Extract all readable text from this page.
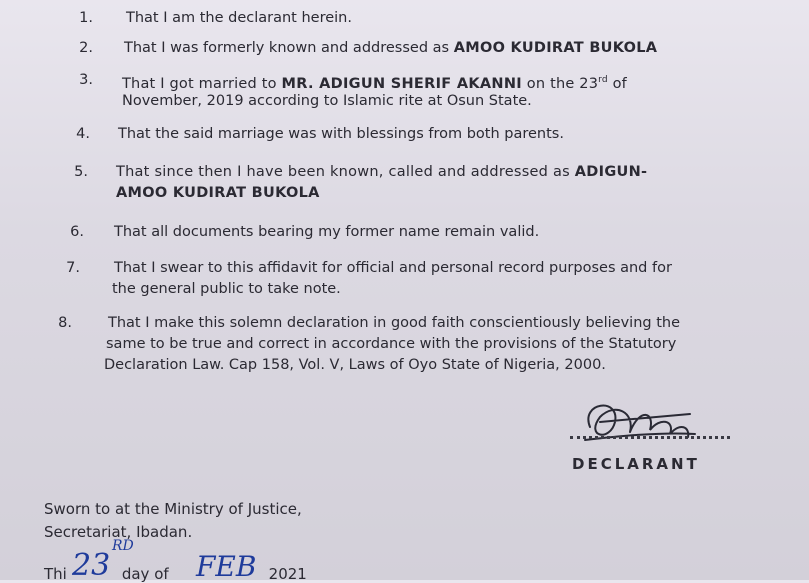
1. That I am the declarant herein.
2. That I was formerly known and addressed as AMOO KUDIRAT BUKOLA
3. That I got married to MR. ADIGUN SHERIF AKANNI on the 23rd of
November, 2019 according to Islamic rite at Osun State.
4. That the said marriage was with blessings from both parents.
5. That since then I have been known, called and addressed as ADIGUN-
AMOO KUDIRAT BUKOLA
6. That all documents bearing my former name remain valid.
7. That I swear to this affidavit for official and personal record purposes and for
the general public to take note.
8. That I make this solemn declaration in good faith conscientiously believing the
same to be true and correct in accordance with the provisions of the Statutory
Declaration Law. Cap 158, Vol. V, Laws of Oyo State of Nigeria, 2000.
DECLARANT
Sworn to at the Ministry of Justice,
Secretariat, Ibadan.
Thi	day of	2021
23
RD
FEB
